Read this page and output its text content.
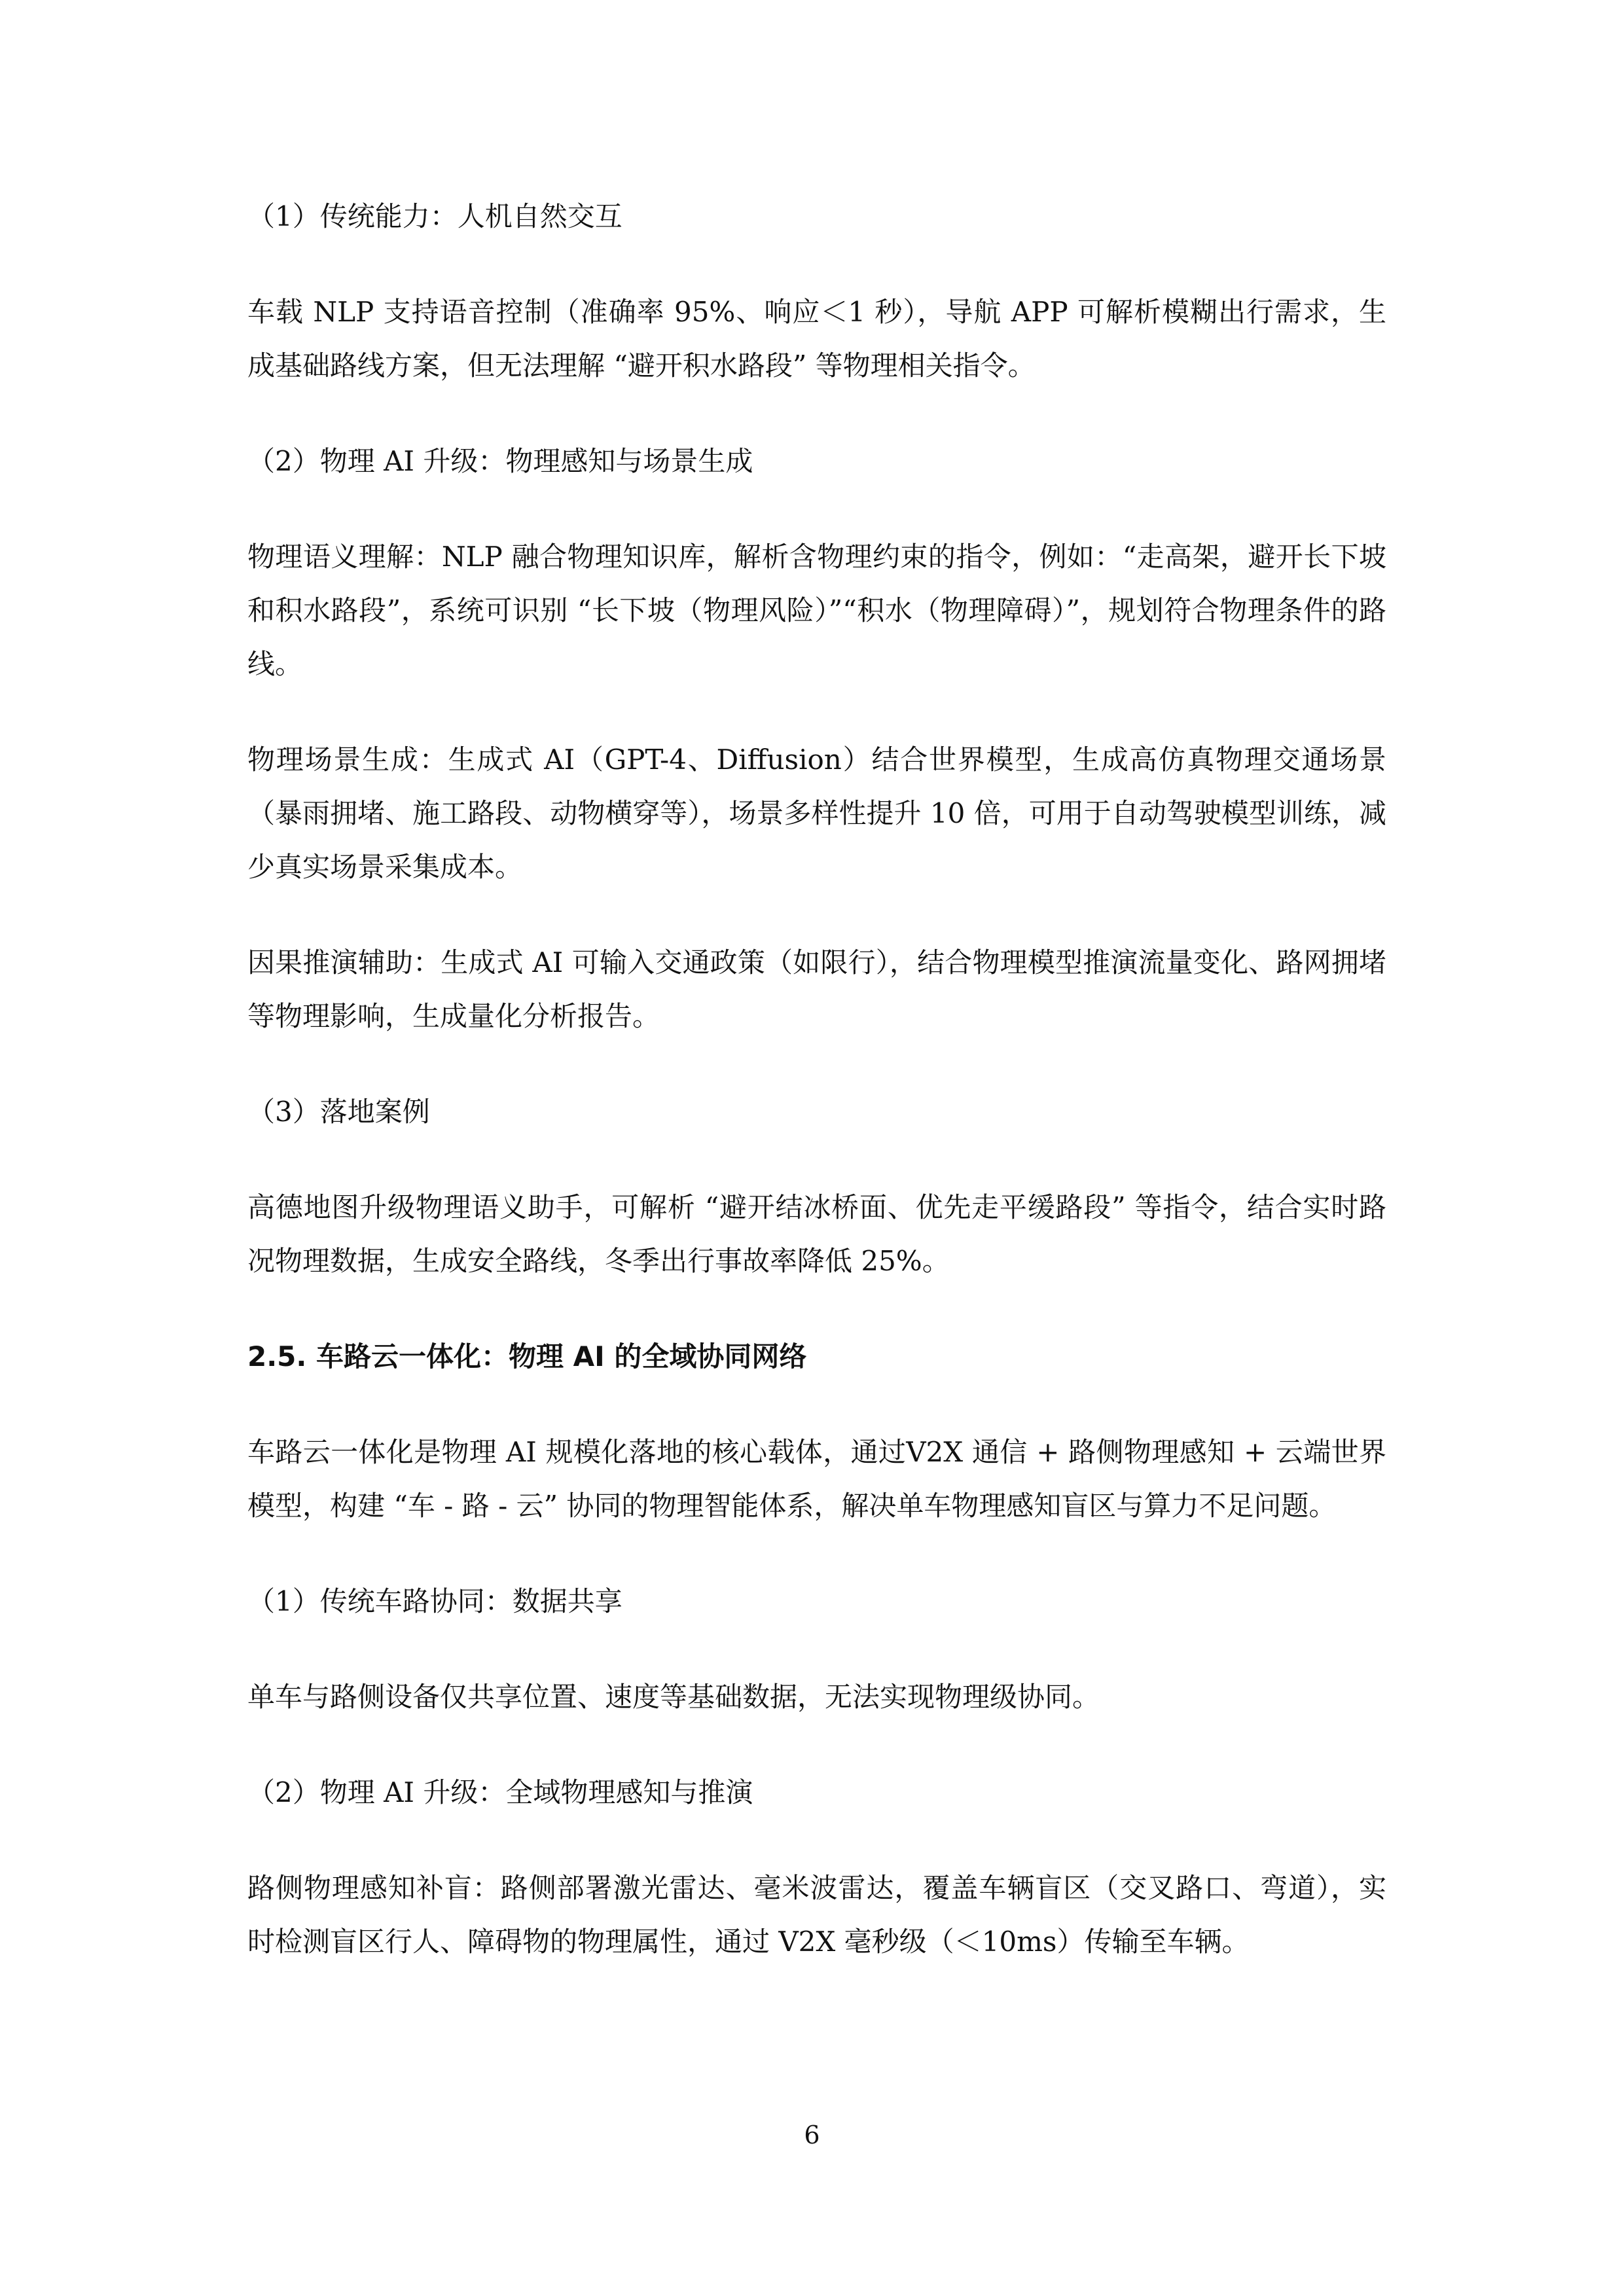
（1）传统能力：人机自然交互

车载 NLP 支持语音控制（准确率 95%、响应＜1 秒），导航 APP 可解析模糊出行需求，生成基础路线方案，但无法理解 “避开积水路段” 等物理相关指令。

（2）物理 AI 升级：物理感知与场景生成

物理语义理解：NLP 融合物理知识库，解析含物理约束的指令，例如：“走高架，避开长下坡和积水路段”，系统可识别 “长下坡（物理风险）”“积水（物理障碍）”，规划符合物理条件的路线。

物理场景生成：生成式 AI（GPT-4、Diffusion）结合世界模型，生成高仿真物理交通场景（暴雨拥堵、施工路段、动物横穿等），场景多样性提升 10 倍，可用于自动驾驶模型训练，减少真实场景采集成本。

因果推演辅助：生成式 AI 可输入交通政策（如限行），结合物理模型推演流量变化、路网拥堵等物理影响，生成量化分析报告。

（3）落地案例

高德地图升级物理语义助手，可解析 “避开结冰桥面、优先走平缓路段” 等指令，结合实时路况物理数据，生成安全路线，冬季出行事故率降低 25%。

2.5. 车路云一体化：物理 AI 的全域协同网络

车路云一体化是物理 AI 规模化落地的核心载体，通过V2X 通信 + 路侧物理感知 + 云端世界模型，构建 “车 - 路 - 云” 协同的物理智能体系，解决单车物理感知盲区与算力不足问题。

（1）传统车路协同：数据共享

单车与路侧设备仅共享位置、速度等基础数据，无法实现物理级协同。

（2）物理 AI 升级：全域物理感知与推演

路侧物理感知补盲：路侧部署激光雷达、毫米波雷达，覆盖车辆盲区（交叉路口、弯道），实时检测盲区行人、障碍物的物理属性，通过 V2X 毫秒级（＜10ms）传输至车辆。

6
